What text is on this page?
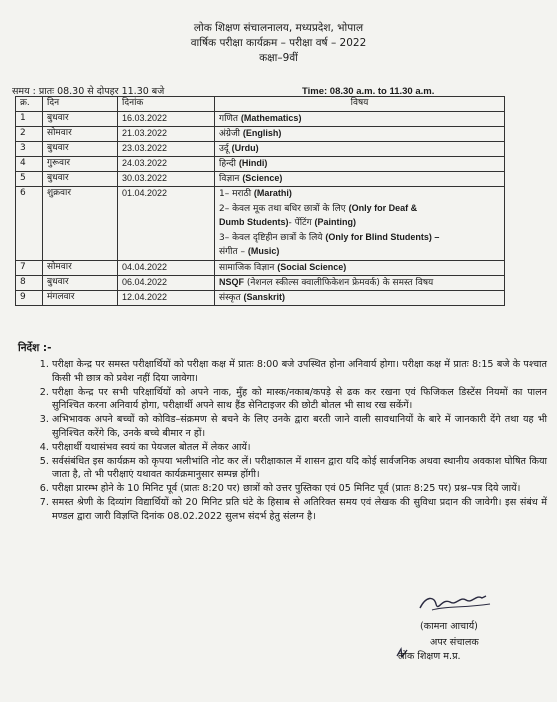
लोक शिक्षण संचालनालय, मध्यप्रदेश, भोपाल
वार्षिक परीक्षा कार्यक्रम – परीक्षा वर्ष – 2022
कक्षा–9वीं
समय : प्रातः 08.30 से दोपहर 11.30 बजे	Time: 08.30 a.m. to 11.30 a.m.
क्र.	दिन	दिनांक	विषय
1	बुधवार	16.03.2022	गणित (Mathematics)
2	सोमवार	21.03.2022	अंग्रेजी (English)
3	बुधवार	23.03.2022	उर्दू (Urdu)
4	गुरूवार	24.03.2022	हिन्दी (Hindi)
5	बुधवार	30.03.2022	विज्ञान (Science)
6	शुक्रवार	01.04.2022	1– मराठी (Marathi)
2– केवल मूक तथा बधिर छात्रों के लिए (Only for Deaf &
Dumb Students)- पेंटिंग (Painting)
3– केवल दृष्टिहीन छात्रों के लिये (Only for Blind Students) –
संगीत – (Music)

7	सोमवार	04.04.2022	सामाजिक विज्ञान (Social Science)
8	बुधवार	06.04.2022	NSQF (नेशनल स्कील्स क्वालीफिकेशन फ्रेमवर्क) के समस्त विषय
9	मंगलवार	12.04.2022	संस्कृत (Sanskrit)
निर्देश :-
1. परीक्षा केन्द्र पर समस्त परीक्षार्थियों को परीक्षा कक्ष में प्रातः 8:00 बजे उपस्थित होना अनिवार्य होगा। परीक्षा कक्ष में प्रातः 8:15 बजे के पश्चात किसी भी छात्र को प्रवेश नहीं दिया जावेगा।
2. परीक्षा केन्द्र पर सभी परिक्षार्थियों को अपने नाक, मुँह को मास्क/नकाब/कपड़े से ढक कर रखना एवं फिजिकल डिस्टेंस नियमों का पालन सुनिश्चित करना अनिवार्य होगा, परीक्षार्थी अपने साथ हैंड सेनिटाइजर की छोटी बोतल भी साथ रख सकेंगें।
3. अभिभावक अपने बच्चों को कोविड–संक्रमण से बचने के लिए उनके द्वारा बरती जाने वाली सावधानियों के बारे में जानकारी देंगे तथा यह भी सुनिश्चित करेंगे कि, उनके बच्चे बीमार न हों।
4. परीक्षार्थी यथासंभव स्वयं का पेयजल बोतल में लेकर आयें।
5. सर्वसंबंधित इस कार्यक्रम को कृपया भलीभांति नोट कर लें। परीक्षाकाल में शासन द्वारा यदि कोई सार्वजनिक अथवा स्थानीय अवकाश घोषित किया जाता है, तो भी परीक्षाएं यथावत कार्यक्रमानुसार सम्पन्न होंगी।
6. परीक्षा प्रारम्भ होने के 10 मिनिट पूर्व (प्रातः 8:20 पर) छात्रों को उत्तर पुस्तिका एवं 05 मिनिट पूर्व (प्रातः 8:25 पर) प्रश्न–पत्र दिये जायें।
7. समस्त श्रेणी के दिव्यांग विद्यार्थियों को 20 मिनिट प्रति घंटे के हिसाब से अतिरिक्त समय एवं लेखक की सुविधा प्रदान की जावेगी। इस संबंध में मण्डल द्वारा जारी विज्ञप्ति दिनांक 08.02.2022 सुलभ संदर्भ हेतु संलग्न है।
(कामना आचार्य)
अपर संचालक
लोक शिक्षण म.प्र.
